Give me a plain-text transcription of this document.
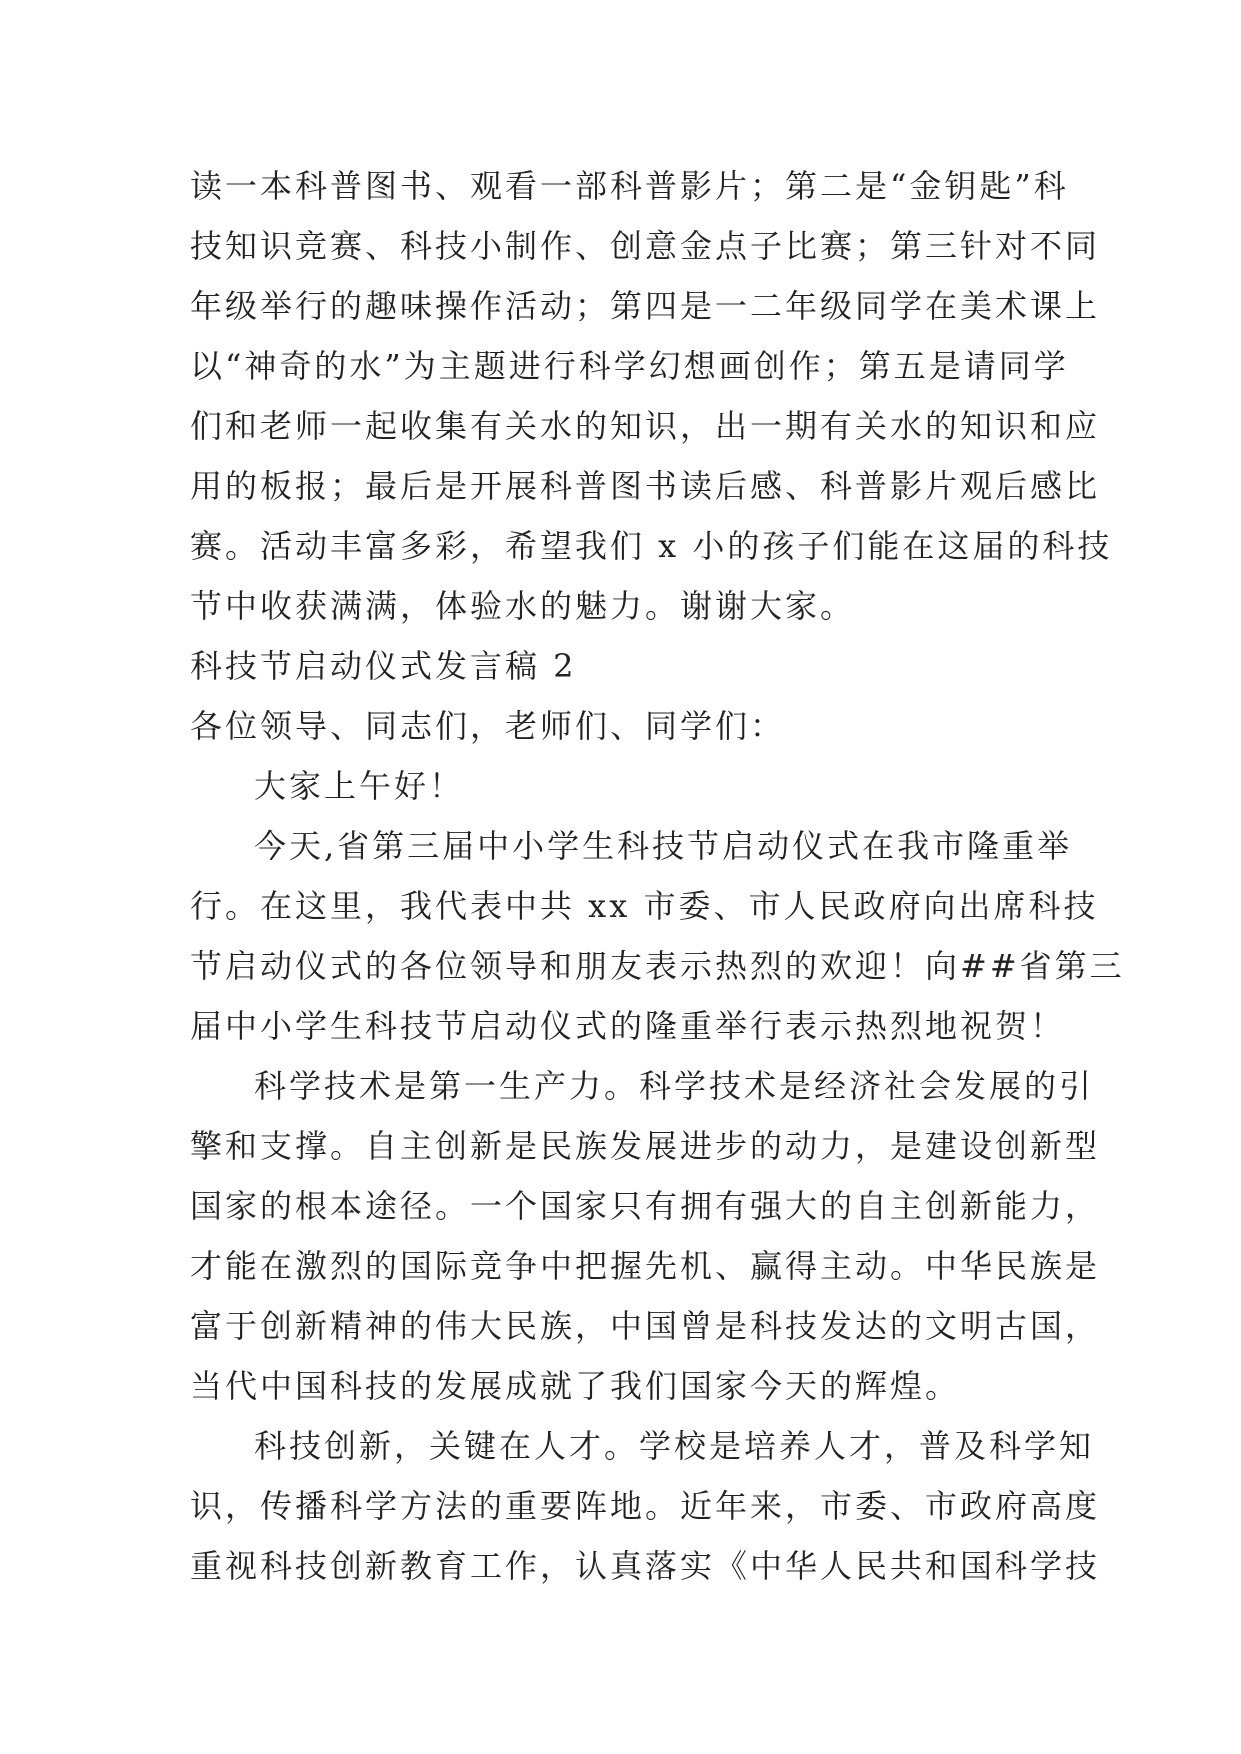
读一本科普图书、观看一部科普影片；第二是“金钥匙”科
技知识竞赛、科技小制作、创意金点子比赛；第三针对不同
年级举行的趣味操作活动；第四是一二年级同学在美术课上
以“神奇的水”为主题进行科学幻想画创作；第五是请同学
们和老师一起收集有关水的知识，出一期有关水的知识和应
用的板报；最后是开展科普图书读后感、科普影片观后感比
赛。活动丰富多彩，希望我们 x 小的孩子们能在这届的科技
节中收获满满，体验水的魅力。谢谢大家。
科技节启动仪式发言稿 2
各位领导、同志们，老师们、同学们：
大家上午好！
今天,省第三届中小学生科技节启动仪式在我市隆重举
行。在这里，我代表中共 xx 市委、市人民政府向出席科技
节启动仪式的各位领导和朋友表示热烈的欢迎！向##省第三
届中小学生科技节启动仪式的隆重举行表示热烈地祝贺！
科学技术是第一生产力。科学技术是经济社会发展的引
擎和支撑。自主创新是民族发展进步的动力，是建设创新型
国家的根本途径。一个国家只有拥有强大的自主创新能力，
才能在激烈的国际竞争中把握先机、赢得主动。中华民族是
富于创新精神的伟大民族，中国曾是科技发达的文明古国，
当代中国科技的发展成就了我们国家今天的辉煌。
科技创新，关键在人才。学校是培养人才，普及科学知
识，传播科学方法的重要阵地。近年来，市委、市政府高度
重视科技创新教育工作，认真落实《中华人民共和国科学技
